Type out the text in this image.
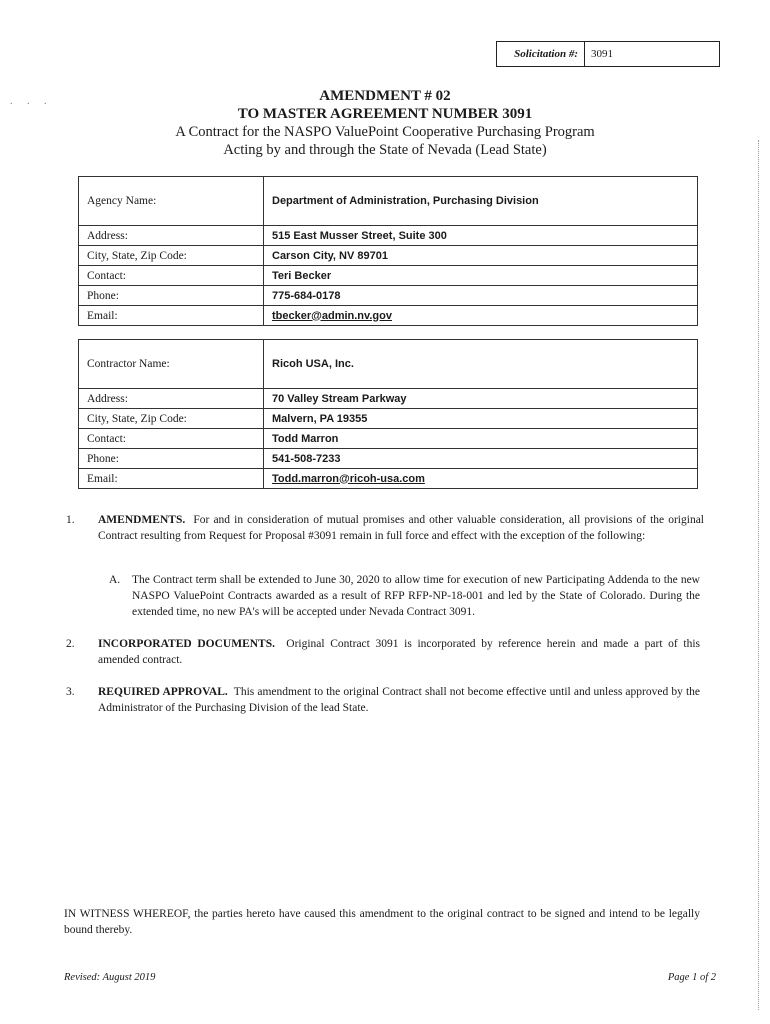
Solicitation #:	3091
. . .	AMENDMENT # 02
TO MASTER AGREEMENT NUMBER 3091
A Contract for the NASPO ValuePoint Cooperative Purchasing Program
Acting by and through the State of Nevada (Lead State)
Agency Name:	Department of Administration, Purchasing Division
Address:	515 East Musser Street, Suite 300
City, State, Zip Code:	Carson City, NV 89701
Contact:	Teri Becker
Phone:	775-684-0178
Email:	tbecker@admin.nv.gov
Contractor Name:	Ricoh USA, Inc.
Address:	70 Valley Stream Parkway
City, State, Zip Code:	Malvern, PA 19355
Contact:	Todd Marron
Phone:	541-508-7233
Email:	Todd.marron@ricoh-usa.com
1. AMENDMENTS. For and in consideration of mutual promises and other valuable consideration, all provisions of the original Contract resulting from Request for Proposal #3091 remain in full force and effect with the exception of the following:
A. The Contract term shall be extended to June 30, 2020 to allow time for execution of new Participating Addenda to the new NASPO ValuePoint Contracts awarded as a result of RFP RFP-NP-18-001 and led by the State of Colorado. During the extended time, no new PA's will be accepted under Nevada Contract 3091.
2. INCORPORATED DOCUMENTS. Original Contract 3091 is incorporated by reference herein and made a part of this amended contract.
3. REQUIRED APPROVAL. This amendment to the original Contract shall not become effective until and unless approved by the Administrator of the Purchasing Division of the lead State.
IN WITNESS WHEREOF, the parties hereto have caused this amendment to the original contract to be signed and intend to be legally bound thereby.
Revised: August 2019	Page 1 of 2
